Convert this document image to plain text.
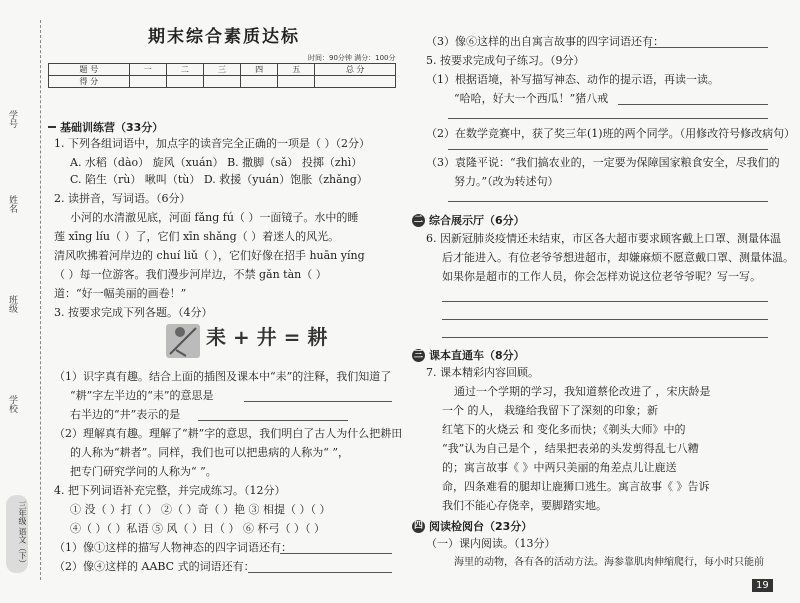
学号
姓名
班级
学校
三年级 语文（下）
期末综合素质达标
时间：90分钟 满分：100分
题 号	一	二	三	四	五	总 分
得 分						
基础训练营（33分）
1. 下列各组词语中，加点字的读音完全正确的一项是（ ）（2分）
A. 水稻（dào） 旋风（xuán） B. 撒脚（sǎ） 投掷（zhì）
C. 陷生（rù） 啾叫（tù） D. 救援（yuán）饱胀（zhǎng）
2. 读拼音，写词语。（6分）
小河的水清澈见底，河面 fǎng fú（ ）一面镜子。水中的睡
莲 xīng líu（ ）了，它们 xīn shǎng（ ）着迷人的风光。
清风吹拂着河岸边的 chuí liǔ（ ），它们好像在招手 huān yíng
（ ）每一位游客。我们漫步河岸边，不禁 gǎn tàn（ ）
道：“好一幅美丽的画卷！”
3. 按要求完成下列各题。（4分）
耒 + 井 = 耕
（1）识字真有趣。结合上面的插图及课本中“耒”的注释，我们知道了
“耕”字左半边的“耒”的意思是
右半边的“井”表示的是
（2）理解真有趣。理解了“耕”字的意思，我们明白了古人为什么把耕田
的人称为“耕者”。同样，我们也可以把患病的人称为“ ”，
把专门研究学问的人称为“ ”。
4. 把下列词语补充完整，并完成练习。（12分）
① 没（ ）打（ ） ②（ ）奇（ ）艳 ③ 相提（ ）（ ）
④（ ）（ ）私语 ⑤ 风（ ）日（ ） ⑥ 杯弓（ ）（ ）
（1）像①这样的描写人物神态的四字词语还有：
（2）像④这样的 AABC 式的词语还有：
（3）像⑥这样的出自寓言故事的四字词语还有：
5. 按要求完成句子练习。（9分）
（1）根据语境，补写描写神态、动作的提示语，再读一读。
“哈哈，好大一个西瓜！”猪八戒
（2）在数学竞赛中，获了奖三年(1)班的两个同学。（用修改符号修改病句）
（3）袁隆平说：“我们搞农业的，一定要为保障国家粮食安全，尽我们的
努力。”（改为转述句）
二 综合展示厅（6分）
6. 因新冠肺炎疫情还未结束，市区各大超市要求顾客戴上口罩、测量体温
后才能进入。有位老爷爷想进超市，却嫌麻烦不愿意戴口罩、测量体温。
如果你是超市的工作人员，你会怎样劝说这位老爷爷呢？写一写。
三 课本直通车（8分）
7. 课本精彩内容回顾。
通过一个学期的学习，我知道蔡伦改进了 ，宋庆龄是
一个 的人， 栽缝给我留下了深刻的印象；新
红笔下的火烧云 和 变化多而快；《剃头大师》中的
“我”认为自己是个 ，结果把表弟的头发剪得乱七八糟
的；寓言故事《 》中两只美丽的角差点儿让鹿送
命，四条难看的腿却让鹿狮口逃生。寓言故事《 》告诉
我们不能心存侥幸，要脚踏实地。
四 阅读检阅台（23分）
（一）课内阅读。（13分）
海里的动物，各有各的活动方法。海参靠肌肉伸缩爬行，每小时只能前
19
